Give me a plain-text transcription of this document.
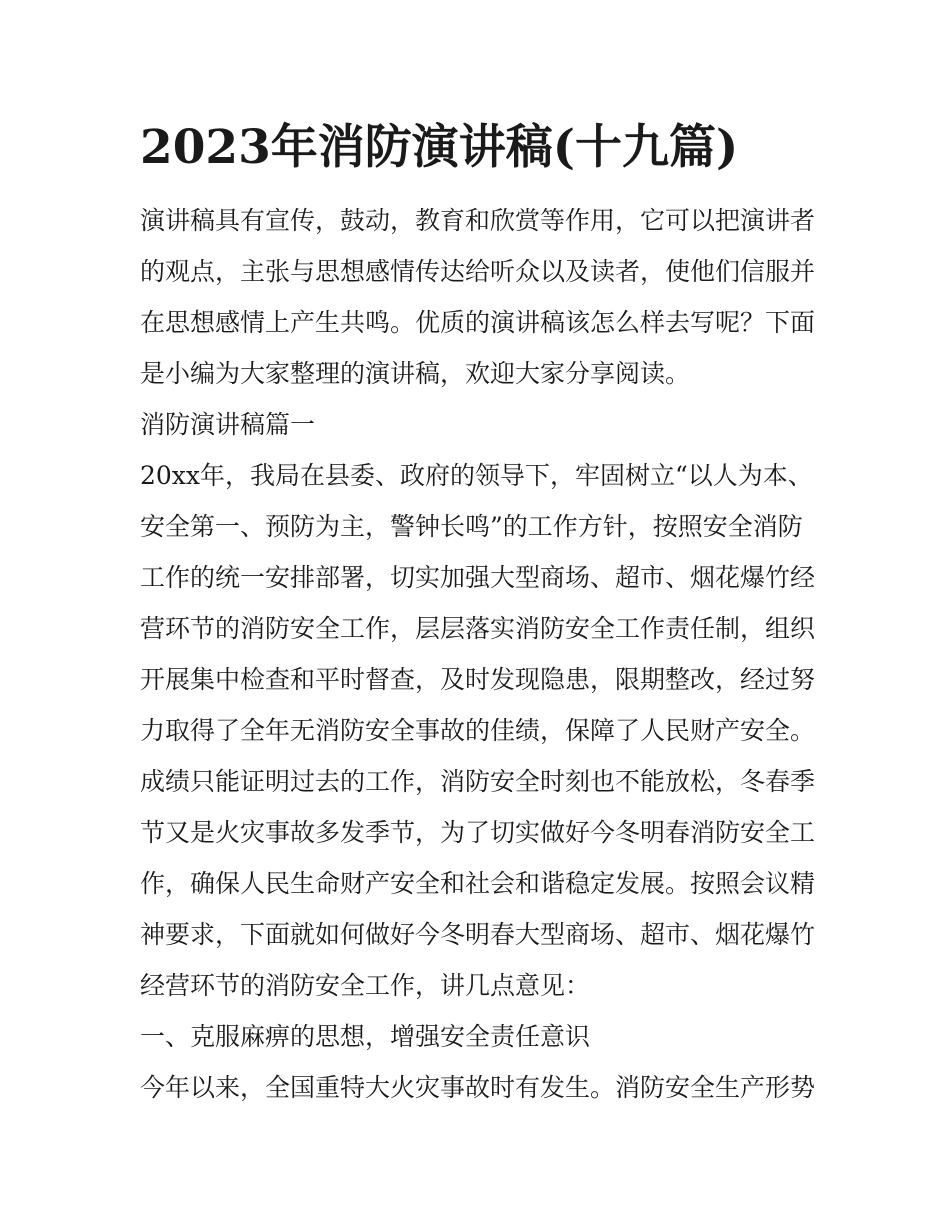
2023年消防演讲稿(十九篇)

演讲稿具有宣传，鼓动，教育和欣赏等作用，它可以把演讲者

的观点，主张与思想感情传达给听众以及读者，使他们信服并

在思想感情上产生共鸣。优质的演讲稿该怎么样去写呢？下面

是小编为大家整理的演讲稿，欢迎大家分享阅读。

消防演讲稿篇一

20xx年，我局在县委、政府的领导下，牢固树立“以人为本、

安全第一、预防为主，警钟长鸣”的工作方针，按照安全消防

工作的统一安排部署，切实加强大型商场、超市、烟花爆竹经

营环节的消防安全工作，层层落实消防安全工作责任制，组织

开展集中检查和平时督查，及时发现隐患，限期整改，经过努

力取得了全年无消防安全事故的佳绩，保障了人民财产安全。

成绩只能证明过去的工作，消防安全时刻也不能放松，冬春季

节又是火灾事故多发季节，为了切实做好今冬明春消防安全工

作，确保人民生命财产安全和社会和谐稳定发展。按照会议精

神要求，下面就如何做好今冬明春大型商场、超市、烟花爆竹

经营环节的消防安全工作，讲几点意见：

一、克服麻痹的思想，增强安全责任意识

今年以来，全国重特大火灾事故时有发生。消防安全生产形势
